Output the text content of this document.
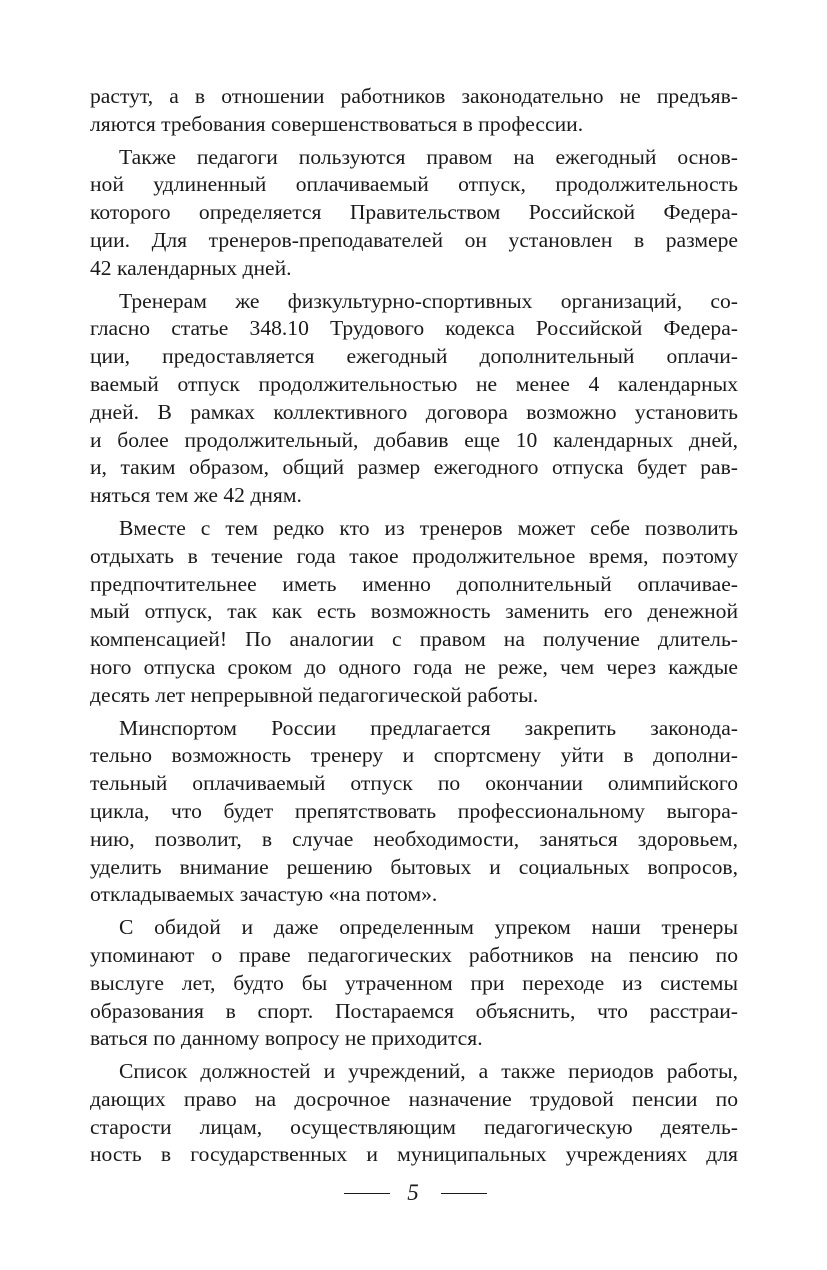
растут, а в отношении работников законодательно не предъяв-
ляются требования совершенствоваться в профессии.
Также педагоги пользуются правом на ежегодный основ-
ной удлиненный оплачиваемый отпуск, продолжительность
которого определяется Правительством Российской Федера-
ции. Для тренеров-преподавателей он установлен в размере
42 календарных дней.
Тренерам же физкультурно-спортивных организаций, со-
гласно статье 348.10 Трудового кодекса Российской Федера-
ции, предоставляется ежегодный дополнительный оплачи-
ваемый отпуск продолжительностью не менее 4 календарных
дней. В рамках коллективного договора возможно установить
и более продолжительный, добавив еще 10 календарных дней,
и, таким образом, общий размер ежегодного отпуска будет рав-
няться тем же 42 дням.
Вместе с тем редко кто из тренеров может себе позволить
отдыхать в течение года такое продолжительное время, поэтому
предпочтительнее иметь именно дополнительный оплачивае-
мый отпуск, так как есть возможность заменить его денежной
компенсацией! По аналогии с правом на получение длитель-
ного отпуска сроком до одного года не реже, чем через каждые
десять лет непрерывной педагогической работы.
Минспортом России предлагается закрепить законода-
тельно возможность тренеру и спортсмену уйти в дополни-
тельный оплачиваемый отпуск по окончании олимпийского
цикла, что будет препятствовать профессиональному выгора-
нию, позволит, в случае необходимости, заняться здоровьем,
уделить внимание решению бытовых и социальных вопросов,
откладываемых зачастую «на потом».
С обидой и даже определенным упреком наши тренеры
упоминают о праве педагогических работников на пенсию по
выслуге лет, будто бы утраченном при переходе из системы
образования в спорт. Постараемся объяснить, что расстраи-
ваться по данному вопросу не приходится.
Список должностей и учреждений, а также периодов работы,
дающих право на досрочное назначение трудовой пенсии по
старости лицам, осуществляющим педагогическую деятель-
ность в государственных и муниципальных учреждениях для
5
